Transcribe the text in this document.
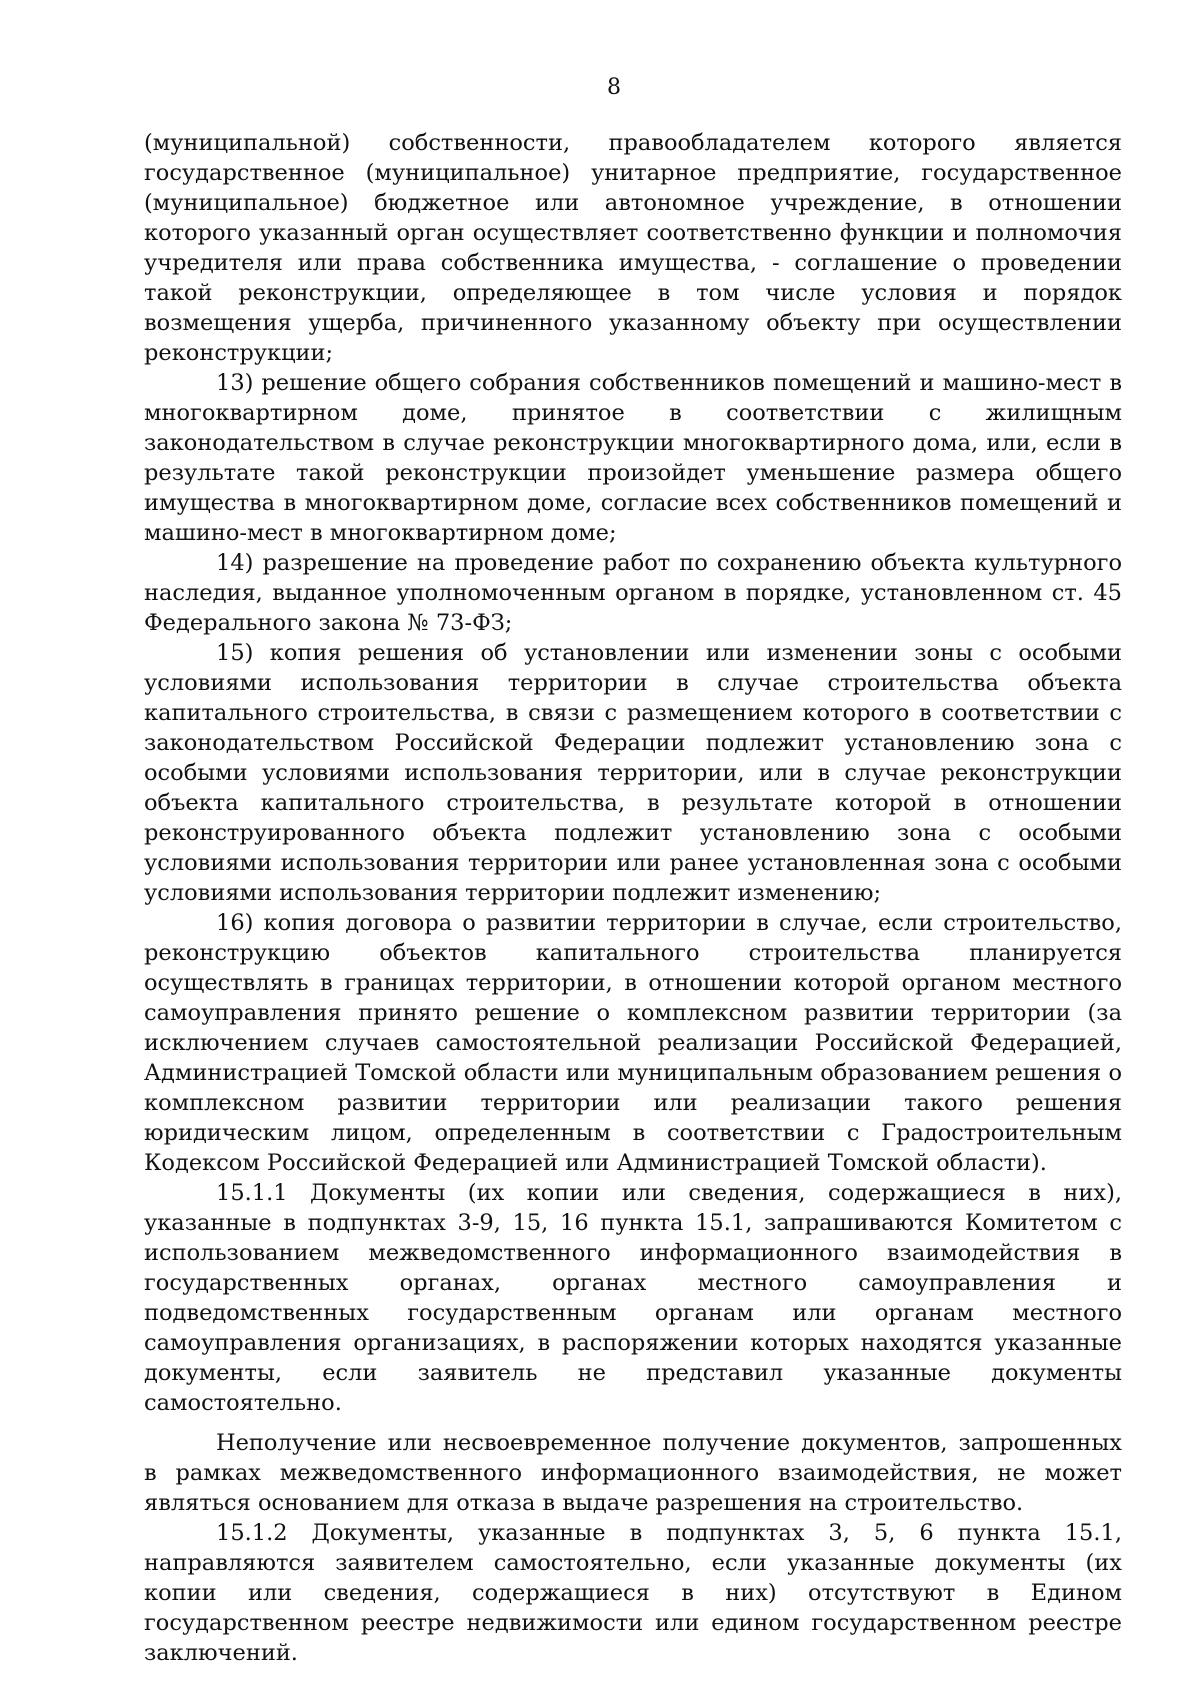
8

(муниципальной) собственности, правообладателем которого является государственное (муниципальное) унитарное предприятие, государственное (муниципальное) бюджетное или автономное учреждение, в отношении которого указанный орган осуществляет соответственно функции и полномочия учредителя или права собственника имущества, - соглашение о проведении такой реконструкции, определяющее в том числе условия и порядок возмещения ущерба, причиненного указанному объекту при осуществлении реконструкции;

13) решение общего собрания собственников помещений и машино-мест в многоквартирном доме, принятое в соответствии с жилищным законодательством в случае реконструкции многоквартирного дома, или, если в результате такой реконструкции произойдет уменьшение размера общего имущества в многоквартирном доме, согласие всех собственников помещений и машино-мест в многоквартирном доме;

14) разрешение на проведение работ по сохранению объекта культурного наследия, выданное уполномоченным органом в порядке, установленном ст. 45 Федерального закона № 73-ФЗ;

15) копия решения об установлении или изменении зоны с особыми условиями использования территории в случае строительства объекта капитального строительства, в связи с размещением которого в соответствии с законодательством Российской Федерации подлежит установлению зона с особыми условиями использования территории, или в случае реконструкции объекта капитального строительства, в результате которой в отношении реконструированного объекта подлежит установлению зона с особыми условиями использования территории или ранее установленная зона с особыми условиями использования территории подлежит изменению;

16) копия договора о развитии территории в случае, если строительство, реконструкцию объектов капитального строительства планируется осуществлять в границах территории, в отношении которой органом местного самоуправления принято решение о комплексном развитии территории (за исключением случаев самостоятельной реализации Российской Федерацией, Администрацией Томской области или муниципальным образованием решения о комплексном развитии территории или реализации такого решения юридическим лицом, определенным в соответствии с Градостроительным Кодексом Российской Федерацией или Администрацией Томской области).

15.1.1 Документы (их копии или сведения, содержащиеся в них), указанные в подпунктах 3-9, 15, 16 пункта 15.1, запрашиваются Комитетом с использованием межведомственного информационного взаимодействия в государственных органах, органах местного самоуправления и подведомственных государственным органам или органам местного самоуправления организациях, в распоряжении которых находятся указанные документы, если заявитель не представил указанные документы самостоятельно.

Неполучение или несвоевременное получение документов, запрошенных в рамках межведомственного информационного взаимодействия, не может являться основанием для отказа в выдаче разрешения на строительство.

15.1.2 Документы, указанные в подпунктах 3, 5, 6 пункта 15.1, направляются заявителем самостоятельно, если указанные документы (их копии или сведения, содержащиеся в них) отсутствуют в Едином государственном реестре недвижимости или едином государственном реестре заключений.
